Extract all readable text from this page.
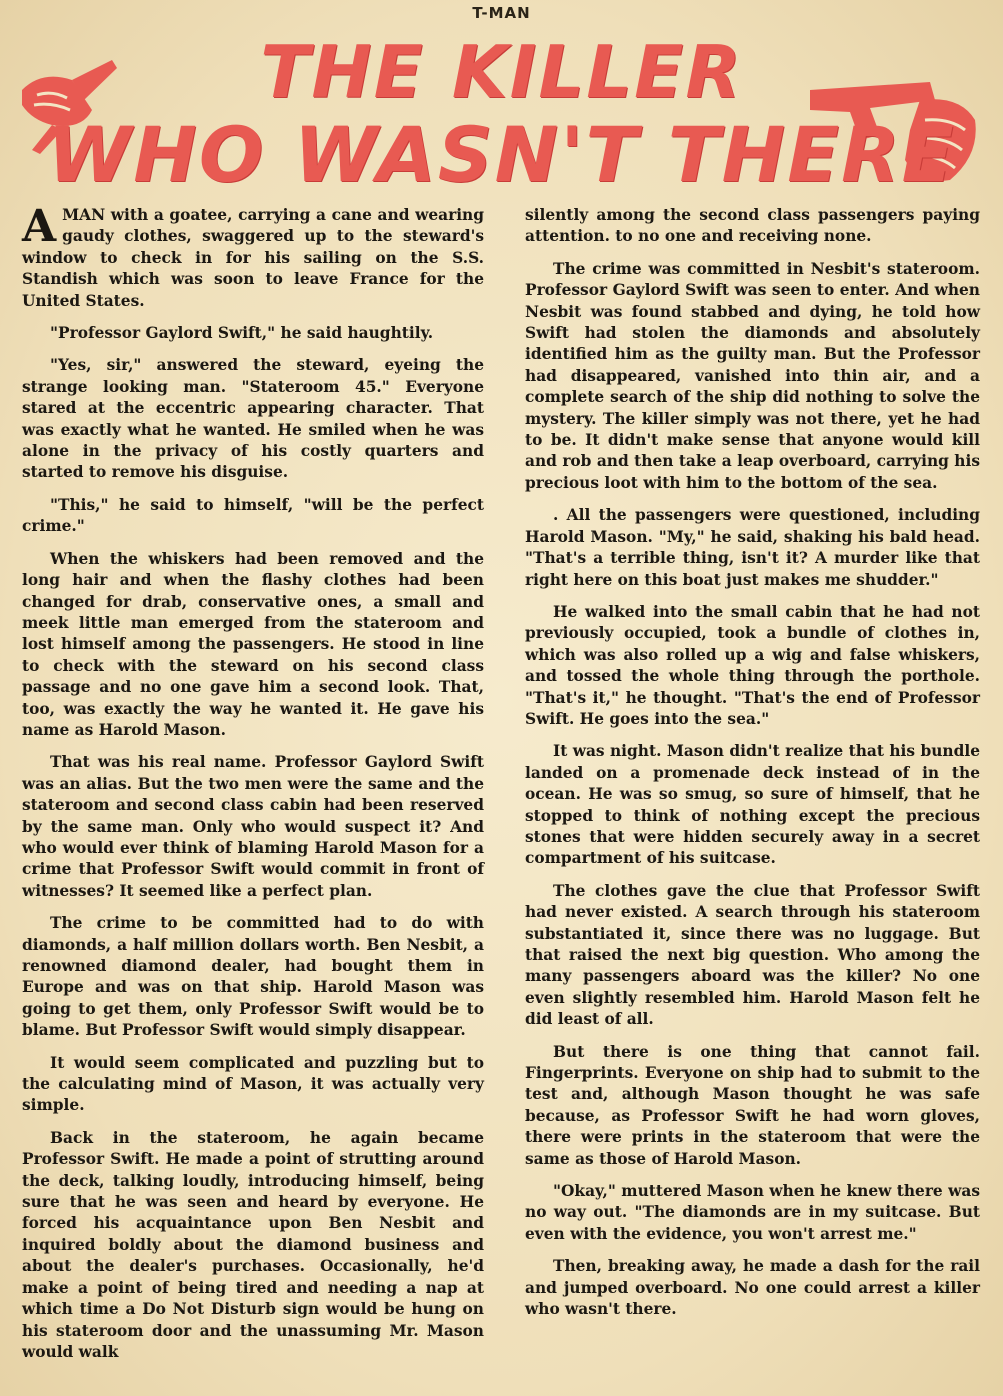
T-MAN
THE KILLER
WHO WASN'T THERE

A MAN with a goatee, carrying a cane and wearing gaudy clothes, swaggered up to the steward's window to check in for his sailing on the S.S. Standish which was soon to leave France for the United States.

"Professor Gaylord Swift," he said haughtily.

"Yes, sir," answered the steward, eyeing the strange looking man. "Stateroom 45." Everyone stared at the eccentric appearing character. That was exactly what he wanted. He smiled when he was alone in the privacy of his costly quarters and started to remove his disguise.

"This," he said to himself, "will be the perfect crime."

When the whiskers had been removed and the long hair and when the flashy clothes had been changed for drab, conservative ones, a small and meek little man emerged from the stateroom and lost himself among the passengers. He stood in line to check with the steward on his second class passage and no one gave him a second look. That, too, was exactly the way he wanted it. He gave his name as Harold Mason.

That was his real name. Professor Gaylord Swift was an alias. But the two men were the same and the stateroom and second class cabin had been reserved by the same man. Only who would suspect it? And who would ever think of blaming Harold Mason for a crime that Professor Swift would commit in front of witnesses? It seemed like a perfect plan.

The crime to be committed had to do with diamonds, a half million dollars worth. Ben Nesbit, a renowned diamond dealer, had bought them in Europe and was on that ship. Harold Mason was going to get them, only Professor Swift would be to blame. But Professor Swift would simply disappear.

It would seem complicated and puzzling but to the calculating mind of Mason, it was actually very simple.

Back in the stateroom, he again became Professor Swift. He made a point of strutting around the deck, talking loudly, introducing himself, being sure that he was seen and heard by everyone. He forced his acquaintance upon Ben Nesbit and inquired boldly about the diamond business and about the dealer's purchases. Occasionally, he'd make a point of being tired and needing a nap at which time a Do Not Disturb sign would be hung on his stateroom door and the unassuming Mr. Mason would walk

silently among the second class passengers paying attention. to no one and receiving none.

The crime was committed in Nesbit's stateroom. Professor Gaylord Swift was seen to enter. And when Nesbit was found stabbed and dying, he told how Swift had stolen the diamonds and absolutely identified him as the guilty man. But the Professor had disappeared, vanished into thin air, and a complete search of the ship did nothing to solve the mystery. The killer simply was not there, yet he had to be. It didn't make sense that anyone would kill and rob and then take a leap overboard, carrying his precious loot with him to the bottom of the sea.

. All the passengers were questioned, including Harold Mason. "My," he said, shaking his bald head. "That's a terrible thing, isn't it? A murder like that right here on this boat just makes me shudder."

He walked into the small cabin that he had not previously occupied, took a bundle of clothes in, which was also rolled up a wig and false whiskers, and tossed the whole thing through the porthole. "That's it," he thought. "That's the end of Professor Swift. He goes into the sea."

It was night. Mason didn't realize that his bundle landed on a promenade deck instead of in the ocean. He was so smug, so sure of himself, that he stopped to think of nothing except the precious stones that were hidden securely away in a secret compartment of his suitcase.

The clothes gave the clue that Professor Swift had never existed. A search through his stateroom substantiated it, since there was no luggage. But that raised the next big question. Who among the many passengers aboard was the killer? No one even slightly resembled him. Harold Mason felt he did least of all.

But there is one thing that cannot fail. Fingerprints. Everyone on ship had to submit to the test and, although Mason thought he was safe because, as Professor Swift he had worn gloves, there were prints in the stateroom that were the same as those of Harold Mason.

"Okay," muttered Mason when he knew there was no way out. "The diamonds are in my suitcase. But even with the evidence, you won't arrest me."

Then, breaking away, he made a dash for the rail and jumped overboard. No one could arrest a killer who wasn't there.
